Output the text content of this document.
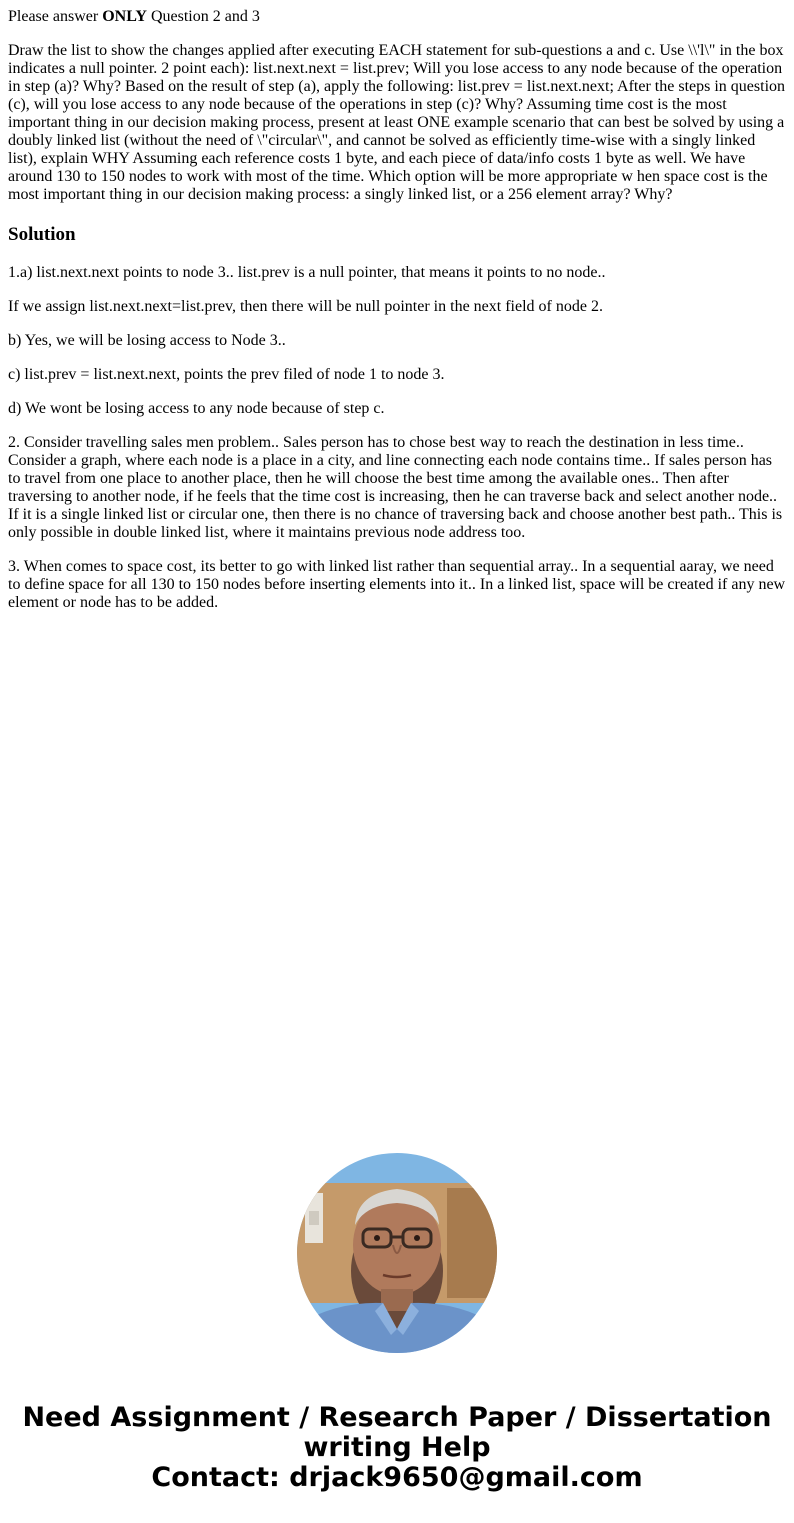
Please answer ONLY Question 2 and 3

Draw the list to show the changes applied after executing EACH statement for sub-questions a and c. Use \\'l\" in the box indicates a null pointer. 2 point each): list.next.next = list.prev; Will you lose access to any node because of the operation in step (a)? Why? Based on the result of step (a), apply the following: list.prev = list.next.next; After the steps in question (c), will you lose access to any node because of the operations in step (c)? Why? Assuming time cost is the most important thing in our decision making process, present at least ONE example scenario that can best be solved by using a doubly linked list (without the need of \"circular\", and cannot be solved as efficiently time-wise with a singly linked list), explain WHY Assuming each reference costs 1 byte, and each piece of data/info costs 1 byte as well. We have around 130 to 150 nodes to work with most of the time. Which option will be more appropriate w hen space cost is the most important thing in our decision making process: a singly linked list, or a 256 element array? Why?

Solution

1.a) list.next.next points to node 3.. list.prev is a null pointer, that means it points to no node..

If we assign list.next.next=list.prev, then there will be null pointer in the next field of node 2.

b) Yes, we will be losing access to Node 3..

c) list.prev = list.next.next, points the prev filed of node 1 to node 3.

d) We wont be losing access to any node because of step c.

2. Consider travelling sales men problem.. Sales person has to chose best way to reach the destination in less time.. Consider a graph, where each node is a place in a city, and line connecting each node contains time.. If sales person has to travel from one place to another place, then he will choose the best time among the available ones.. Then after traversing to another node, if he feels that the time cost is increasing, then he can traverse back and select another node.. If it is a single linked list or circular one, then there is no chance of traversing back and choose another best path.. This is only possible in double linked list, where it maintains previous node address too.

3. When comes to space cost, its better to go with linked list rather than sequential array.. In a sequential aaray, we need to define space for all 130 to 150 nodes before inserting elements into it.. In a linked list, space will be created if any new element or node has to be added.

Need Assignment / Research Paper / Dissertation
writing Help
Contact: drjack9650@gmail.com
